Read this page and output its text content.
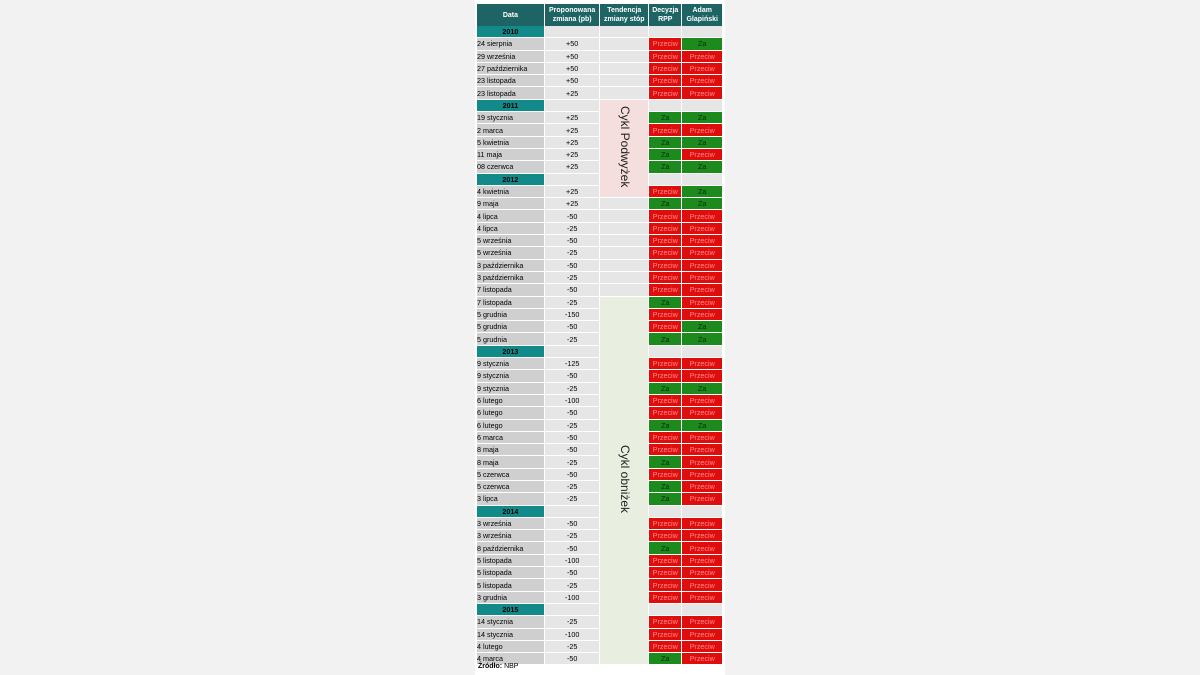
Data	Proponowana zmiana (pb)	Tendencja zmiany stóp	Decyzja RPP	Adam Glapiński
2010				
24 sierpnia	+50		Przeciw	Za
29 września	+50		Przeciw	Przeciw
27 października	+50		Przeciw	Przeciw
23 listopada	+50		Przeciw	Przeciw
23 listopada	+25		Przeciw	Przeciw
2011		Cykl Podwyżek		
19 stycznia	+25		Za	Za
2 marca	+25		Przeciw	Przeciw
5 kwietnia	+25		Za	Za
11 maja	+25		Za	Przeciw
08 czerwca	+25		Za	Za
2012				
4 kwietnia	+25		Przeciw	Za
9 maja	+25		Za	Za
4 lipca	-50		Przeciw	Przeciw
4 lipca	-25		Przeciw	Przeciw
5 września	-50		Przeciw	Przeciw
5 września	-25		Przeciw	Przeciw
3 października	-50		Przeciw	Przeciw
3 października	-25		Przeciw	Przeciw
7 listopada	-50		Przeciw	Przeciw
7 listopada	-25	Cykl obniżek	Za	Przeciw
5 grudnia	-150		Przeciw	Przeciw
5 grudnia	-50		Przeciw	Za
5 grudnia	-25		Za	Za
2013				
9 stycznia	-125		Przeciw	Przeciw
9 stycznia	-50		Przeciw	Przeciw
9 stycznia	-25		Za	Za
6 lutego	-100		Przeciw	Przeciw
6 lutego	-50		Przeciw	Przeciw
6 lutego	-25		Za	Za
6 marca	-50		Przeciw	Przeciw
8 maja	-50		Przeciw	Przeciw
8 maja	-25		Za	Przeciw
5 czerwca	-50		Przeciw	Przeciw
5 czerwca	-25		Za	Przeciw
3 lipca	-25		Za	Przeciw
2014				
3 września	-50		Przeciw	Przeciw
3 września	-25		Przeciw	Przeciw
8 października	-50		Za	Przeciw
5 listopada	-100		Przeciw	Przeciw
5 listopada	-50		Przeciw	Przeciw
5 listopada	-25		Przeciw	Przeciw
3 grudnia	-100		Przeciw	Przeciw
2015				
14 stycznia	-25		Przeciw	Przeciw
14 stycznia	-100		Przeciw	Przeciw
4 lutego	-25		Przeciw	Przeciw
4 marca	-50		Za	Przeciw
Źródło: NBP
